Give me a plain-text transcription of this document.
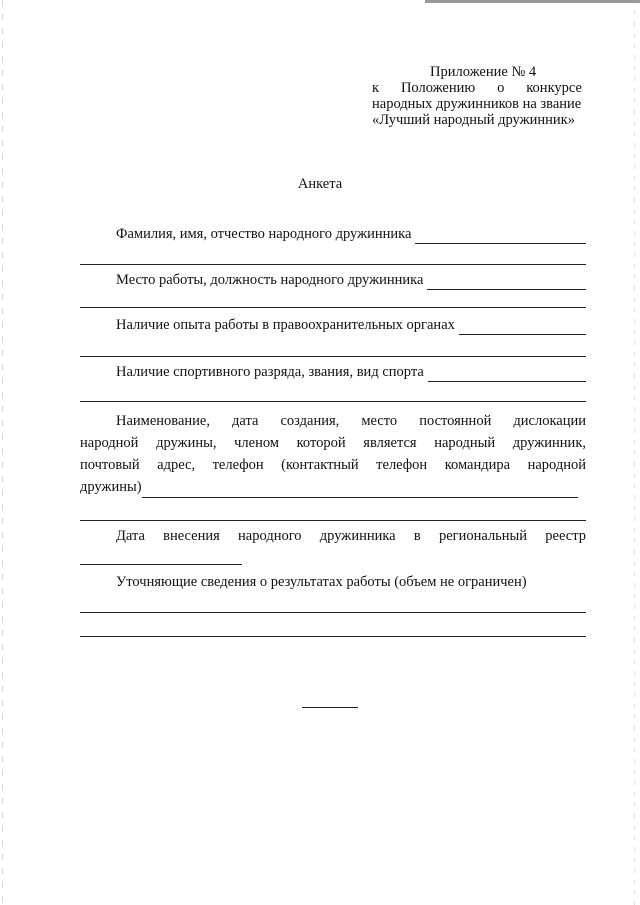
Приложение № 4
к Положению о конкурсе
народных дружинников на звание
«Лучший народный дружинник»
Анкета
Фамилия, имя, отчество народного дружинника
Место работы, должность народного дружинника
Наличие опыта работы в правоохранительных органах
Наличие спортивного разряда, звания, вид спорта
Наименование, дата создания, место постоянной дислокации
народной дружины, членом которой является народный дружинник,
почтовый адрес, телефон (контактный телефон командира народной
дружины)
Дата внесения народного дружинника в региональный реестр
Уточняющие сведения о результатах работы (объем не ограничен)
